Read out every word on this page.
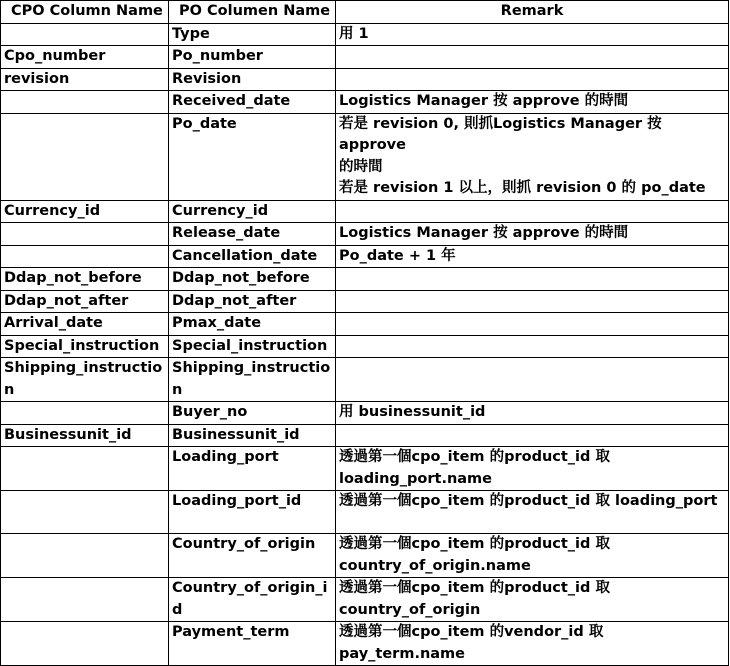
CPO Column Name	PO Columen Name	Remark
	Type	用 1

Cpo_number	Po_number	
revision	Revision	
	Received_date	Logistics Manager 按 approve 的時間

	Po_date	若是 revision 0, 則抓Logistics Manager 按 approve
的時間
若是 revision 1 以上，則抓 revision 0 的 po_date

Currency_id	Currency_id	
	Release_date	Logistics Manager 按 approve 的時間

	Cancellation_date	Po_date + 1 年

Ddap_not_before	Ddap_not_before	
Ddap_not_after	Ddap_not_after	
Arrival_date	Pmax_date	
Special_instruction	Special_instruction	
Shipping_instruction	Shipping_instruction	
	Buyer_no	用 businessunit_id

Businessunit_id	Businessunit_id	
	Loading_port	透過第一個cpo_item 的product_id 取
loading_port.name

	Loading_port_id	透過第一個cpo_item 的product_id 取 loading_port

	Country_of_origin	透過第一個cpo_item 的product_id 取
country_of_origin.name

	Country_of_origin_id	透過第一個cpo_item 的product_id 取
country_of_origin

	Payment_term	透過第一個cpo_item 的vendor_id 取
pay_term.name
